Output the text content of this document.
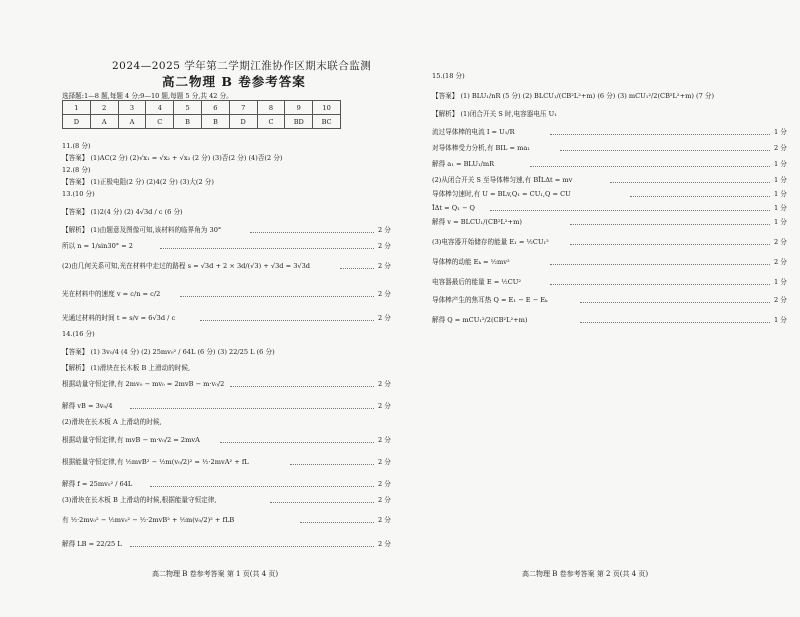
2024—2025 学年第二学期江淮协作区期末联合监测
高二物理 B 卷参考答案
选择题:1—8 题,每题 4 分;9—10 题,每题 5 分,共 42 分。
1	2	3	4	5	6	7	8	9	10
D	A	A	C	B	B	D	C	BD	BC
11.(8 分)
【答案】 (1)AC(2 分) (2)√x₁ = √x₂ + √x₃ (2 分) (3)否(2 分) (4)否(2 分)
12.(8 分)
【答案】 (1)正极电阻(2 分) (2)4(2 分) (3)大(2 分)
13.(10 分)
【答案】 (1)2(4 分) (2) 4√3d / c (6 分)
【解析】 (1)由题意及图像可知,该材料的临界角为 30°	2 分
所以 n = 1/sin30° = 2	2 分
(2)由几何关系可知,光在材料中走过的路程 s = √3d + 2 × 3d/(√3) + √3d = 3√3d	2 分
光在材料中的速度 v = c/n = c/2	2 分
光通过材料的时间 t = s/v = 6√3d / c	2 分
14.(16 分)
【答案】 (1) 3v₀/4 (4 分) (2) 25mv₀² / 64L (6 分) (3) 22/25 L (6 分)
【解析】 (1)滑块在长木板 B 上滑动的时候,
根据动量守恒定律,有 2mv₀ − mv₀ = 2mvB − m·v₀/2	2 分
解得 vB = 3v₀/4	2 分
(2)滑块在长木板 A 上滑动的时候,
根据动量守恒定律,有 mvB − m·v₀/2 = 2mvA	2 分
根据能量守恒定律,有 ½mvB² − ½m(v₀/2)² = ½·2mvA² + fL	2 分
解得 f = 25mv₀² / 64L	2 分
(3)滑块在长木板 B 上滑动的时候,根据能量守恒定律,	2 分
有 ½·2mv₀² − ½mv₀² − ½·2mvB² + ½m(v₀/2)² + fLB	2 分
解得 LB = 22/25 L	2 分
高二物理 B 卷参考答案 第 1 页(共 4 页)
15.(18 分)
【答案】 (1) BLU₁/nR (5 分) (2) BLCU₁/(CB²L²+m) (6 分) (3) mCU₁²/2(CB²L²+m) (7 分)
【解析】 (1)闭合开关 S 时,电容器电压 U₁
流过导体棒的电流 I = U₁/R	1 分
对导体棒受力分析,有 BIL = ma₁	2 分
解得 a₁ = BLU₁/mR	1 分
(2)从闭合开关 S 至导体棒匀速,有 BĪLΔt = mv	1 分
导体棒匀速时,有 U = BLv,Q₁ = CU₁,Q = CU	1 分
ĪΔt = Q₁ − Q	1 分
解得 v = BLCU₁/(CB²L²+m)	1 分
(3)电容器开始储存的能量 E₁ = ½CU₁²	2 分
导体棒的动能 Eₖ = ½mv²	2 分
电容器最后的能量 E = ½CU²	1 分
导体棒产生的焦耳热 Q = E₁ − E − Eₖ	2 分
解得 Q = mCU₁²/2(CB²L²+m)	1 分
高二物理 B 卷参考答案 第 2 页(共 4 页)
